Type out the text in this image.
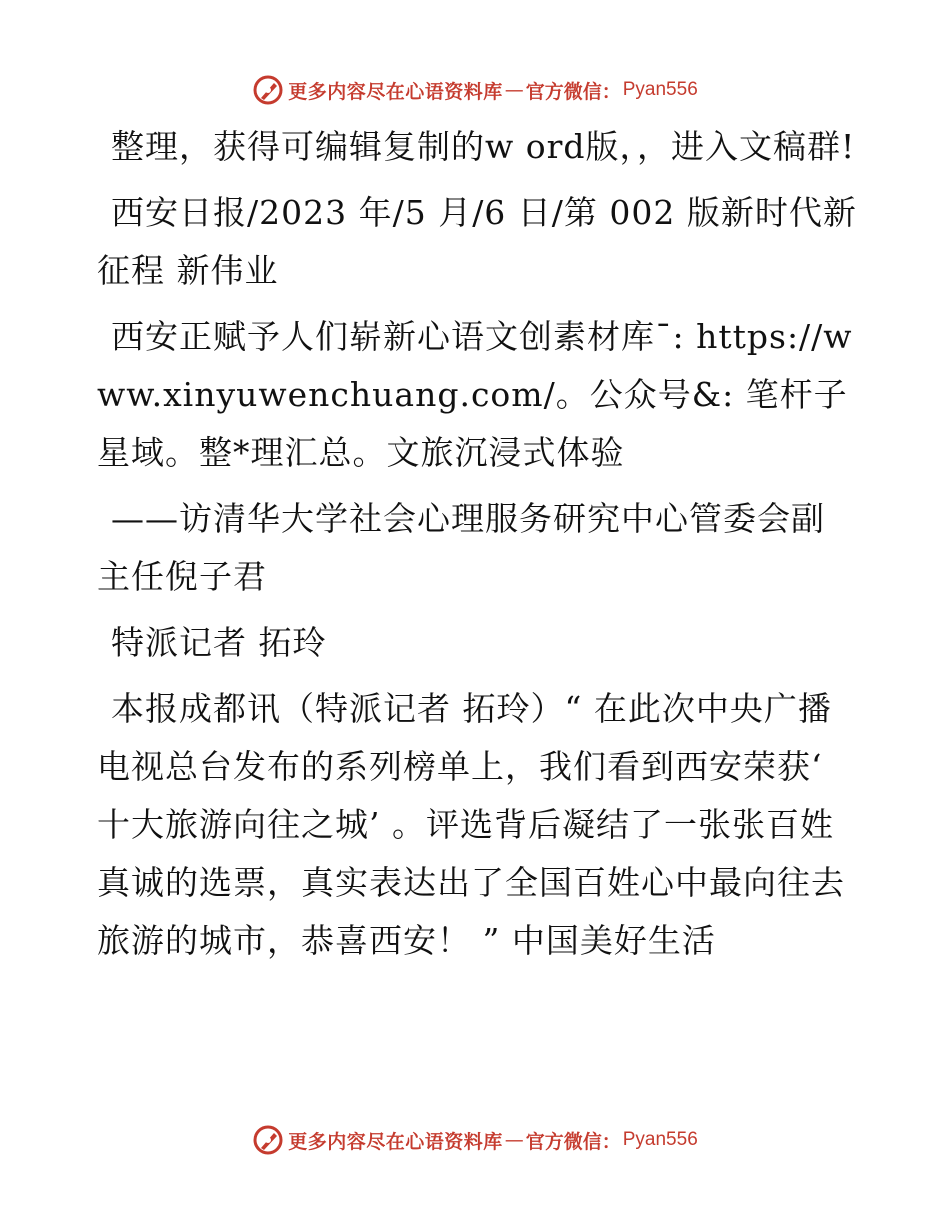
更多内容尽在心语资料库 — 官方微信： Pyan556

整理，获得可编辑复制的w ord版，，进入文稿群!

西安日报/2023 年/5 月/6 日/第 002 版新时代新征程 新伟业

西安正赋予人们崭新心语文创素材库¯: https://www.xinyuwenchuang.com/。公众号&: 笔杆子星域。整*理汇总。文旅沉浸式体验

——访清华大学社会心理服务研究中心管委会副主任倪子君

特派记者 拓玲

本报成都讯（特派记者 拓玲）“ 在此次中央广播电视总台发布的系列榜单上，我们看到西安荣获‘ 十大旅游向往之城’ 。评选背后凝结了一张张百姓真诚的选票，真实表达出了全国百姓心中最向往去旅游的城市，恭喜西安！ ” 中国美好生活

更多内容尽在心语资料库 — 官方微信： Pyan556
